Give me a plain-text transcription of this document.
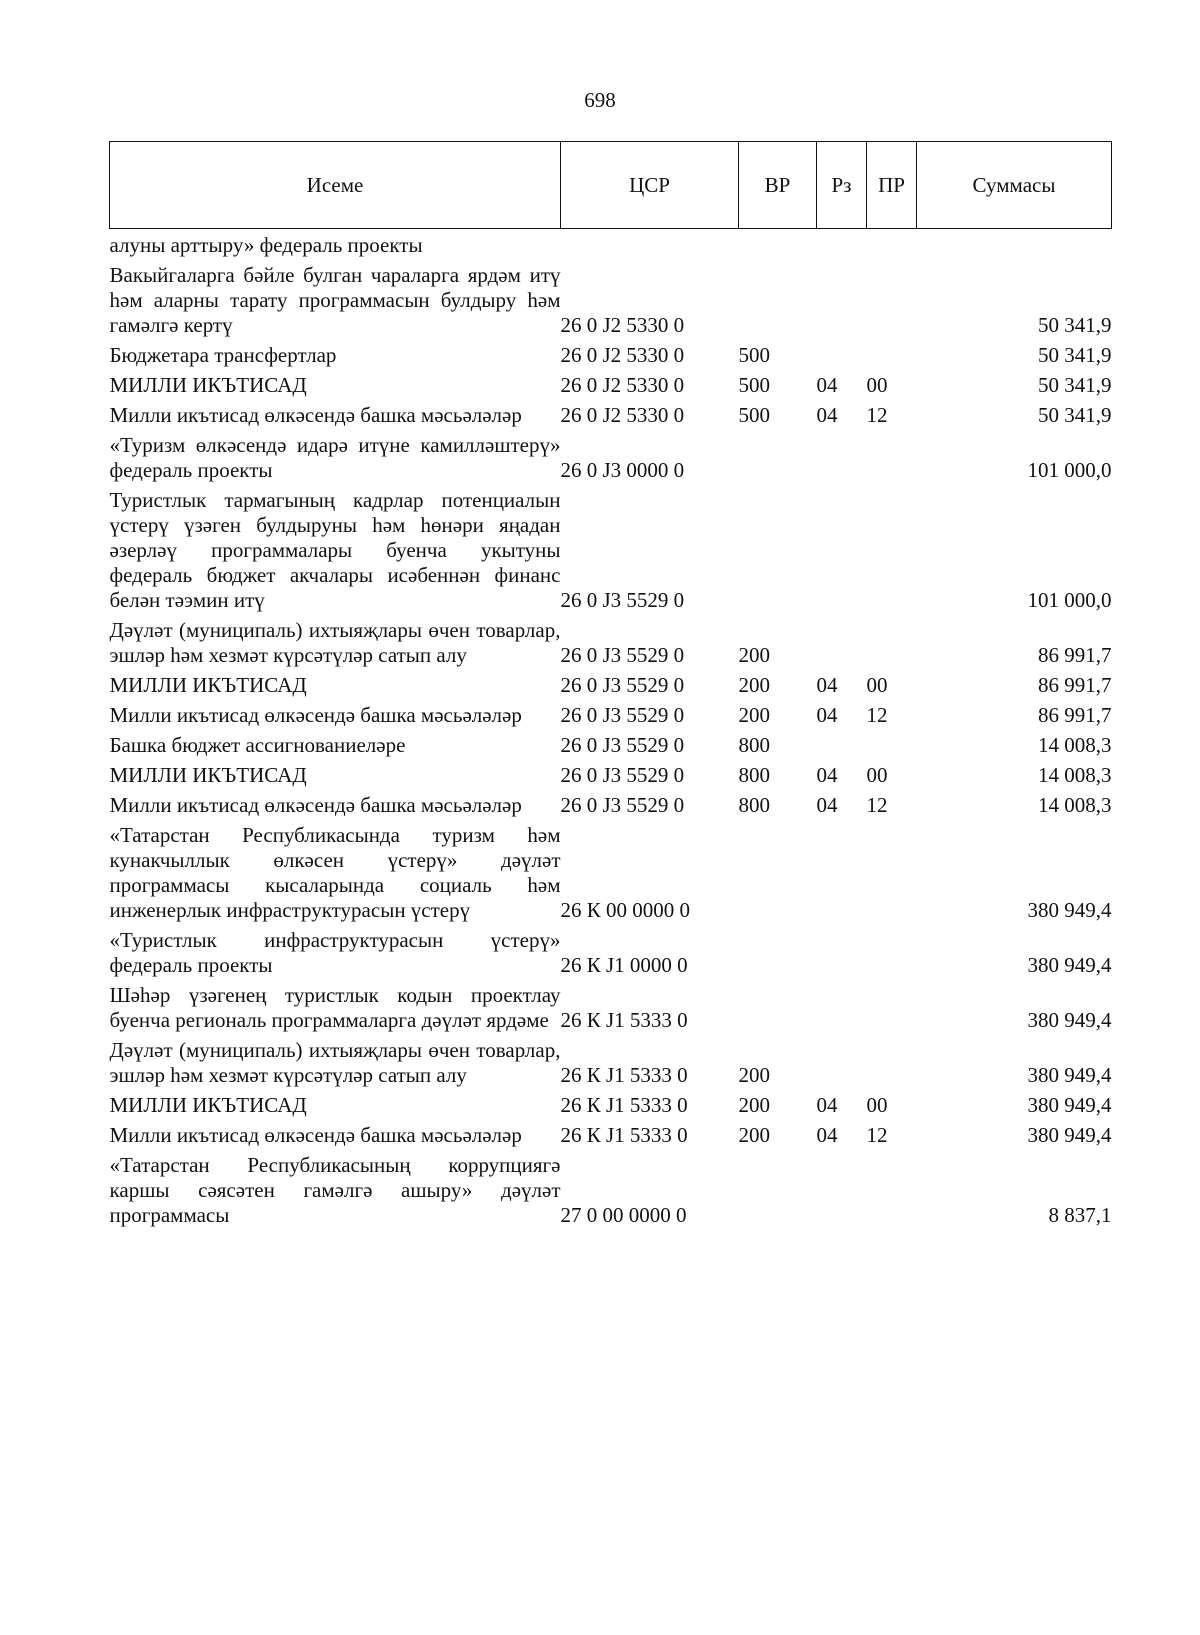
698
Исеме	ЦСР	ВР	Рз	ПР	Суммасы
алуны арттыру» федераль проекты					
Вакыйгаларга бәйле булган чараларга ярдәм итү һәм аларны тарату программасын булдыру һәм гамәлгә кертү	26 0 J2 5330 0				50 341,9
Бюджетара трансфертлар	26 0 J2 5330 0	500			50 341,9
МИЛЛИ ИКЪТИСАД	26 0 J2 5330 0	500	04	00	50 341,9
Милли икътисад өлкәсендә башка мәсьәләләр	26 0 J2 5330 0	500	04	12	50 341,9
«Туризм өлкәсендә идарә итүне камилләштерү» федераль проекты	26 0 J3 0000 0				101 000,0
Туристлык тармагының кадрлар потенциалын үстерү үзәген булдыруны һәм һөнәри яңадан әзерләү программалары буенча укытуны федераль бюджет акчалары исәбеннән финанс белән тәэмин итү	26 0 J3 5529 0				101 000,0
Дәүләт (муниципаль) ихтыяҗлары өчен товарлар, эшләр һәм хезмәт күрсәтүләр сатып алу	26 0 J3 5529 0	200			86 991,7
МИЛЛИ ИКЪТИСАД	26 0 J3 5529 0	200	04	00	86 991,7
Милли икътисад өлкәсендә башка мәсьәләләр	26 0 J3 5529 0	200	04	12	86 991,7
Башка бюджет ассигнованиеләре	26 0 J3 5529 0	800			14 008,3
МИЛЛИ ИКЪТИСАД	26 0 J3 5529 0	800	04	00	14 008,3
Милли икътисад өлкәсендә башка мәсьәләләр	26 0 J3 5529 0	800	04	12	14 008,3
«Татарстан Республикасында туризм һәм кунакчыллык өлкәсен үстерү» дәүләт программасы кысаларында социаль һәм инженерлык инфраструктурасын үстерү	26 К 00 0000 0				380 949,4
«Туристлык инфраструктурасын үстерү» федераль проекты	26 К J1 0000 0				380 949,4
Шәһәр үзәгенең туристлык кодын проектлау буенча региональ программаларга дәүләт ярдәме	26 К J1 5333 0				380 949,4
Дәүләт (муниципаль) ихтыяҗлары өчен товарлар, эшләр һәм хезмәт күрсәтүләр сатып алу	26 К J1 5333 0	200			380 949,4
МИЛЛИ ИКЪТИСАД	26 К J1 5333 0	200	04	00	380 949,4
Милли икътисад өлкәсендә башка мәсьәләләр	26 К J1 5333 0	200	04	12	380 949,4
«Татарстан Республикасының коррупциягә каршы сәясәтен гамәлгә ашыру» дәүләт программасы	27 0 00 0000 0				8 837,1
